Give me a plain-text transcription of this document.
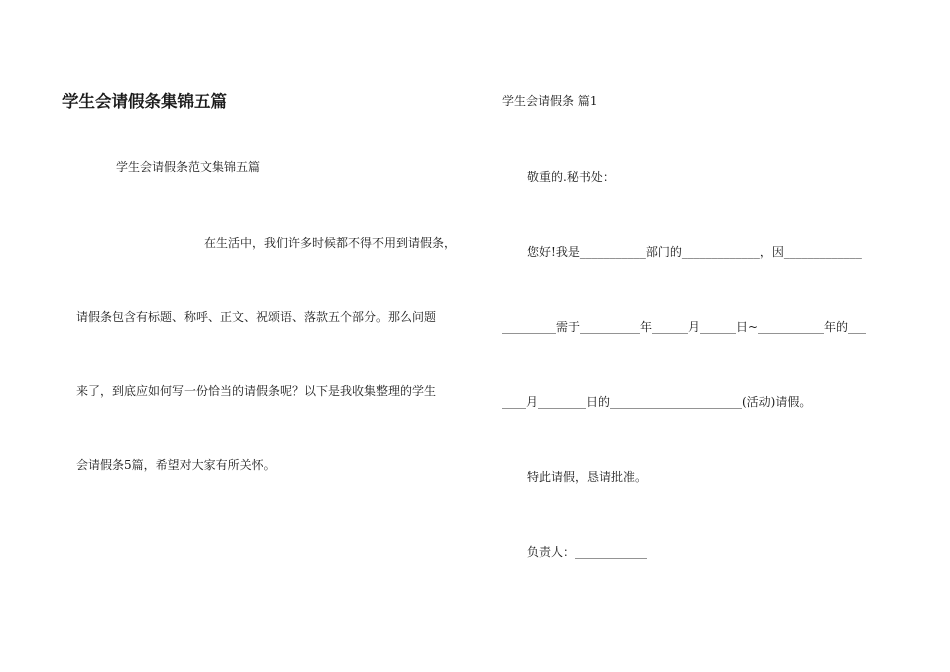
学生会请假条集锦五篇
学生会请假条范文集锦五篇
在生活中，我们许多时候都不得不用到请假条，
请假条包含有标题、称呼、正文、祝颂语、落款五个部分。那么问题
来了，到底应如何写一份恰当的请假条呢？以下是我收集整理的学生
会请假条5篇，希望对大家有所关怀。
学生会请假条 篇1
敬重的.秘书处：
您好!我是___________部门的_____________，因_____________
_________需于__________年______月______日~___________年的___
____月________日的______________________(活动)请假。
特此请假，恳请批准。
负责人：____________
